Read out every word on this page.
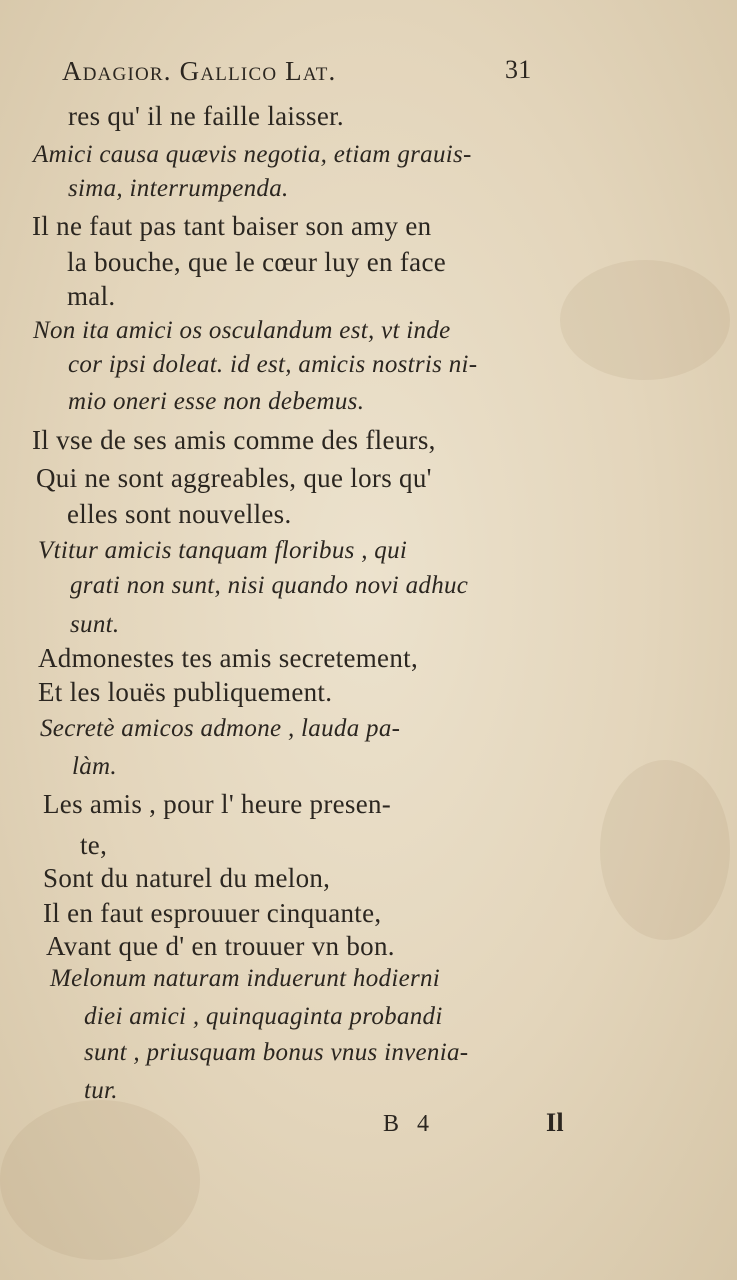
Adagior. Gallico Lat.	31
res qu' il ne faille laisser.
Amici causa quævis negotia, etiam grauis-
sima, interrumpenda.
Il ne faut pas tant baiser son amy en
la bouche, que le cœur luy en face
mal.
Non ita amici os osculandum est, vt inde
cor ipsi doleat. id est, amicis nostris ni-
mio oneri esse non debemus.
Il vse de ses amis comme des fleurs,
Qui ne sont aggreables, que lors qu'
elles sont nouvelles.
Vtitur amicis tanquam floribus , qui
grati non sunt, nisi quando novi adhuc
sunt.
Admonestes tes amis secretement,
Et les louës publiquement.
Secretè amicos admone , lauda pa-
làm.
Les amis , pour l' heure presen-
te,
Sont du naturel du melon,
Il en faut esprouuer cinquante,
Avant que d' en trouuer vn bon.
Melonum naturam induerunt hodierni
diei amici , quinquaginta probandi
sunt , priusquam bonus vnus invenia-
tur.
B 4	Il
